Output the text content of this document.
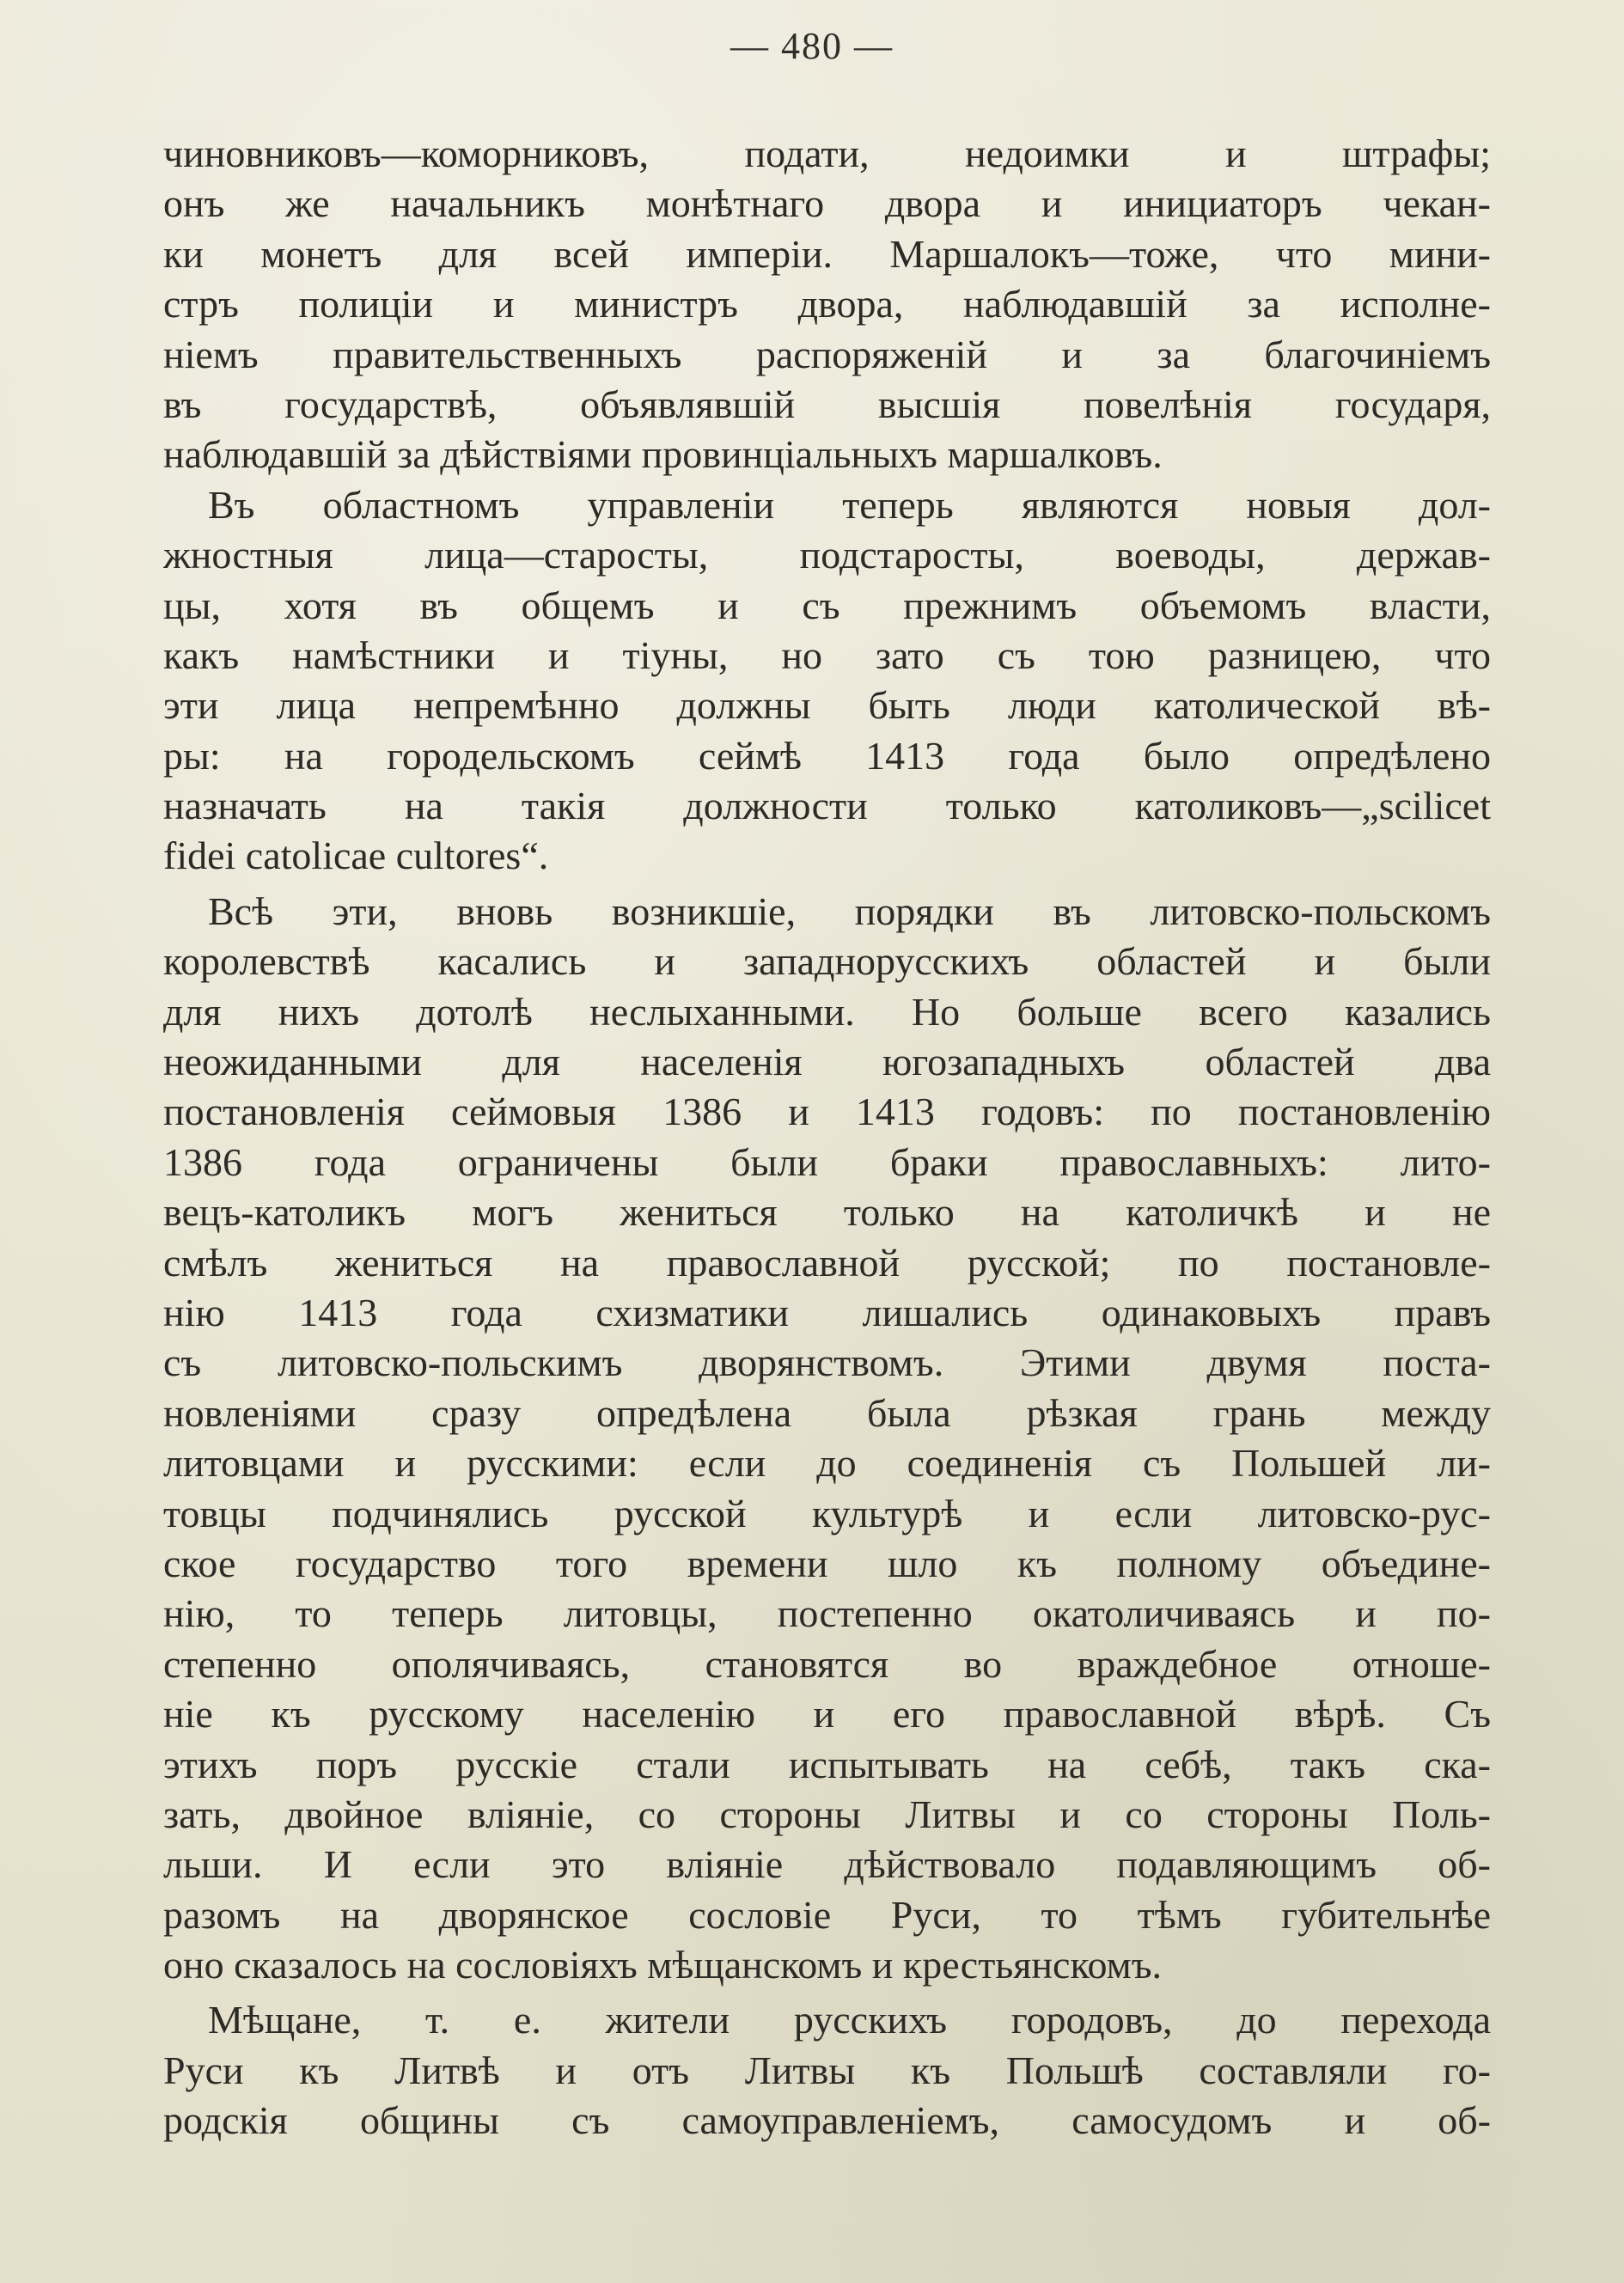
— 480 —
чиновниковъ—коморниковъ, подати, недоимки и штрафы;
онъ же начальникъ монѣтнаго двора и инициаторъ чекан-
ки монетъ для всей имперіи. Маршалокъ—тоже, что мини-
стръ полиціи и министръ двора, наблюдавшій за исполне-
ніемъ правительственныхъ распоряженій и за благочиніемъ
въ государствѣ, объявлявшій высшія повелѣнія государя,
наблюдавшій за дѣйствіями провинціальныхъ маршалковъ.
Въ областномъ управленіи теперь являются новыя дол-
жностныя лица—старосты, подстаросты, воеводы, держав-
цы, хотя въ общемъ и съ прежнимъ объемомъ власти,
какъ намѣстники и тіуны, но зато съ тою разницею, что
эти лица непремѣнно должны быть люди католической вѣ-
ры: на городельскомъ сеймѣ 1413 года было опредѣлено
назначать на такія должности только католиковъ—„scilicet
fidei catolicae cultores“.
Всѣ эти, вновь возникшіе, порядки въ литовско-польскомъ
королевствѣ касались и западнорусскихъ областей и были
для нихъ дотолѣ неслыханными. Но больше всего казались
неожиданными для населенія югозападныхъ областей два
постановленія сеймовыя 1386 и 1413 годовъ: по постановленію
1386 года ограничены были браки православныхъ: лито-
вецъ-католикъ могъ жениться только на католичкѣ и не
смѣлъ жениться на православной русской; по постановле-
нію 1413 года схизматики лишались одинаковыхъ правъ
съ литовско-польскимъ дворянствомъ. Этими двумя поста-
новленіями сразу опредѣлена была рѣзкая грань между
литовцами и русскими: если до соединенія съ Польшей ли-
товцы подчинялись русской культурѣ и если литовско-рус-
ское государство того времени шло къ полному объедине-
нію, то теперь литовцы, постепенно окатоличиваясь и по-
степенно ополячиваясь, становятся во враждебное отноше-
ніе къ русскому населенію и его православной вѣрѣ. Съ
этихъ поръ русскіе стали испытывать на себѣ, такъ ска-
зать, двойное вліяніе, со стороны Литвы и со стороны Поль-
льши. И если это вліяніе дѣйствовало подавляющимъ об-
разомъ на дворянское сословіе Руси, то тѣмъ губительнѣе
оно сказалось на сословіяхъ мѣщанскомъ и крестьянскомъ.
Мѣщане, т. е. жители русскихъ городовъ, до перехода
Руси къ Литвѣ и отъ Литвы къ Польшѣ составляли го-
родскія общины съ самоуправленіемъ, самосудомъ и об-
